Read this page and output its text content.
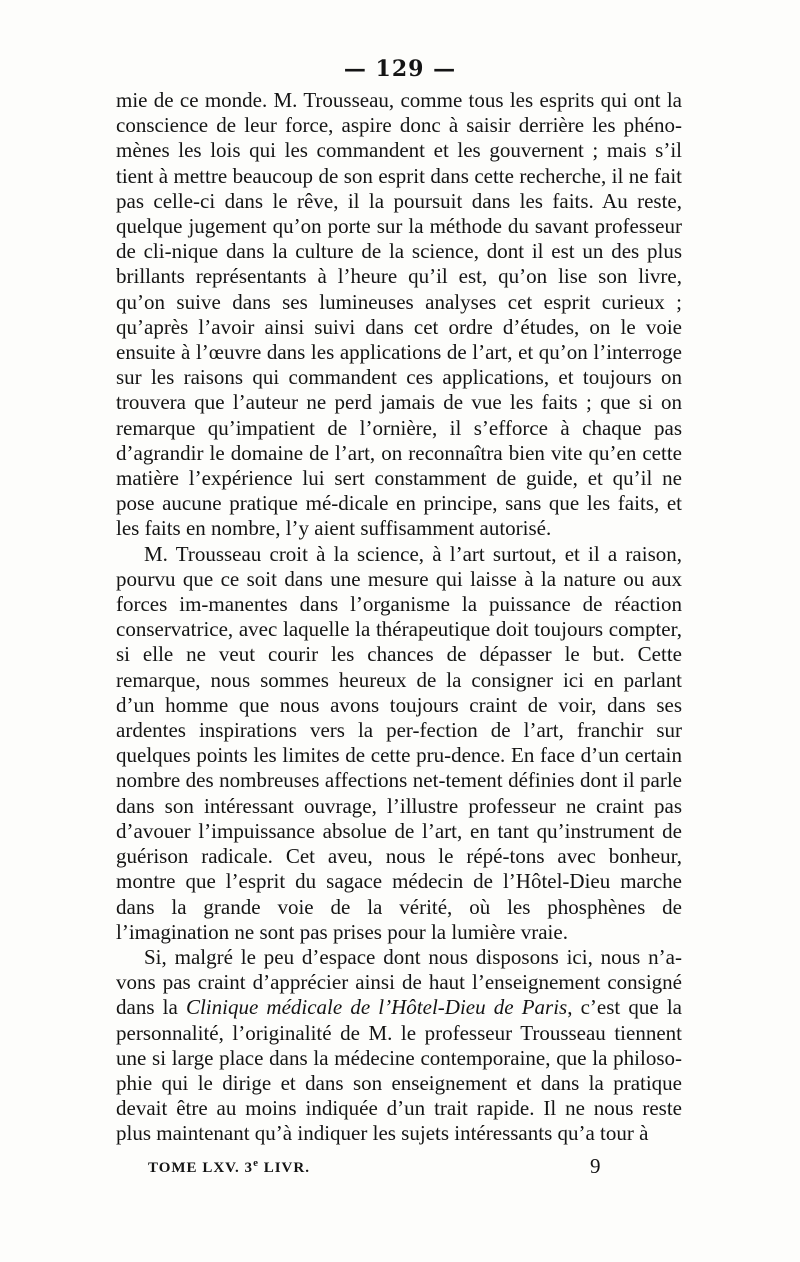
— 129 —

mie de ce monde. M. Trousseau, comme tous les esprits qui ont la conscience de leur force, aspire donc à saisir derrière les phéno-mènes les lois qui les commandent et les gouvernent ; mais s’il tient à mettre beaucoup de son esprit dans cette recherche, il ne fait pas celle-ci dans le rêve, il la poursuit dans les faits. Au reste, quelque jugement qu’on porte sur la méthode du savant professeur de cli-nique dans la culture de la science, dont il est un des plus brillants représentants à l’heure qu’il est, qu’on lise son livre, qu’on suive dans ses lumineuses analyses cet esprit curieux ; qu’après l’avoir ainsi suivi dans cet ordre d’études, on le voie ensuite à l’œuvre dans les applications de l’art, et qu’on l’interroge sur les raisons qui commandent ces applications, et toujours on trouvera que l’auteur ne perd jamais de vue les faits ; que si on remarque qu’impatient de l’ornière, il s’efforce à chaque pas d’agrandir le domaine de l’art, on reconnaîtra bien vite qu’en cette matière l’expérience lui sert constamment de guide, et qu’il ne pose aucune pratique mé-dicale en principe, sans que les faits, et les faits en nombre, l’y aient suffisamment autorisé.

M. Trousseau croit à la science, à l’art surtout, et il a raison, pourvu que ce soit dans une mesure qui laisse à la nature ou aux forces im-manentes dans l’organisme la puissance de réaction conservatrice, avec laquelle la thérapeutique doit toujours compter, si elle ne veut courir les chances de dépasser le but. Cette remarque, nous sommes heureux de la consigner ici en parlant d’un homme que nous avons toujours craint de voir, dans ses ardentes inspirations vers la per-fection de l’art, franchir sur quelques points les limites de cette pru-dence. En face d’un certain nombre des nombreuses affections net-tement définies dont il parle dans son intéressant ouvrage, l’illustre professeur ne craint pas d’avouer l’impuissance absolue de l’art, en tant qu’instrument de guérison radicale. Cet aveu, nous le répé-tons avec bonheur, montre que l’esprit du sagace médecin de l’Hôtel-Dieu marche dans la grande voie de la vérité, où les phosphènes de l’imagination ne sont pas prises pour la lumière vraie.

Si, malgré le peu d’espace dont nous disposons ici, nous n’a-vons pas craint d’apprécier ainsi de haut l’enseignement consigné dans la Clinique médicale de l’Hôtel-Dieu de Paris, c’est que la personnalité, l’originalité de M. le professeur Trousseau tiennent une si large place dans la médecine contemporaine, que la philoso-phie qui le dirige et dans son enseignement et dans la pratique devait être au moins indiquée d’un trait rapide. Il ne nous reste plus maintenant qu’à indiquer les sujets intéressants qu’a tour à

TOME LXV. 3e LIVR.	9
